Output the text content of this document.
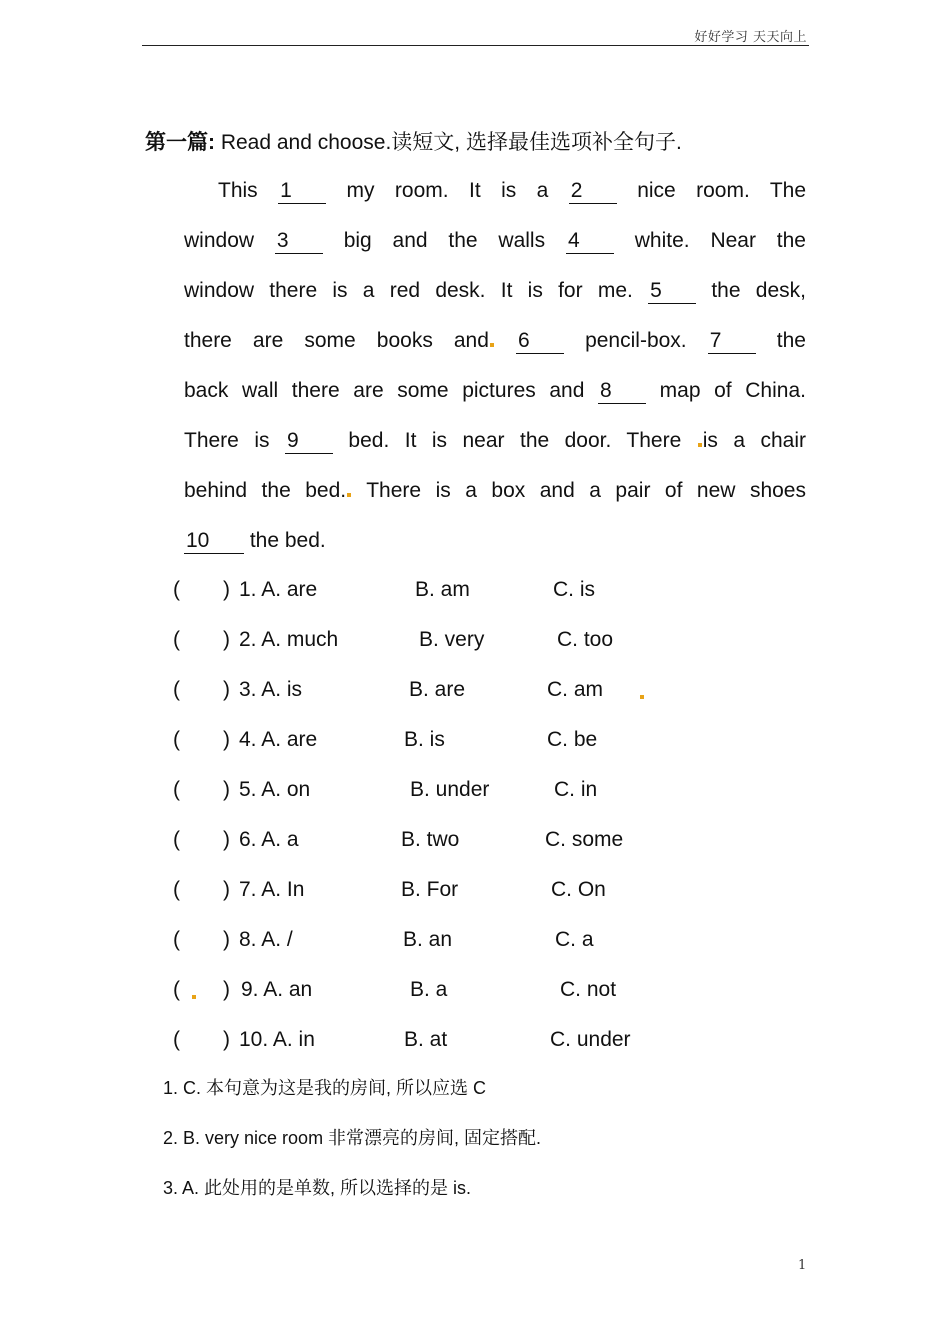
好好学习 天天向上
第一篇: Read and choose.读短文, 选择最佳选项补全句子.
This 1	my room. It is a 2	nice room. The
window 3	big and the walls 4	white. Near the
window there is a red desk. It is for me. 5 the desk,
there are some books and 6	pencil-box. 7	the
back wall there are some pictures and 8 map of China.
There is 9 bed. It is near the door. There is a chair
behind the bed. There is a box and a pair of new shoes
10 the bed.
( ) 1. A. are	B. am	C. is
( ) 2. A. much	B. very	C. too
( ) 3. A. is	B. are	C. am
( ) 4. A. are	B. is	C. be
( ) 5. A. on	B. under	C. in
( ) 6. A. a	B. two	C. some
( ) 7. A. In	B. For	C. On
( ) 8. A. /	B. an	C. a
( ) 9. A. an	B. a	C. not
( ) 10. A. in	B. at	C. under
1. C. 本句意为这是我的房间, 所以应选 C
2. B. very nice room 非常漂亮的房间, 固定搭配.
3. A. 此处用的是单数, 所以选择的是 is.
1
